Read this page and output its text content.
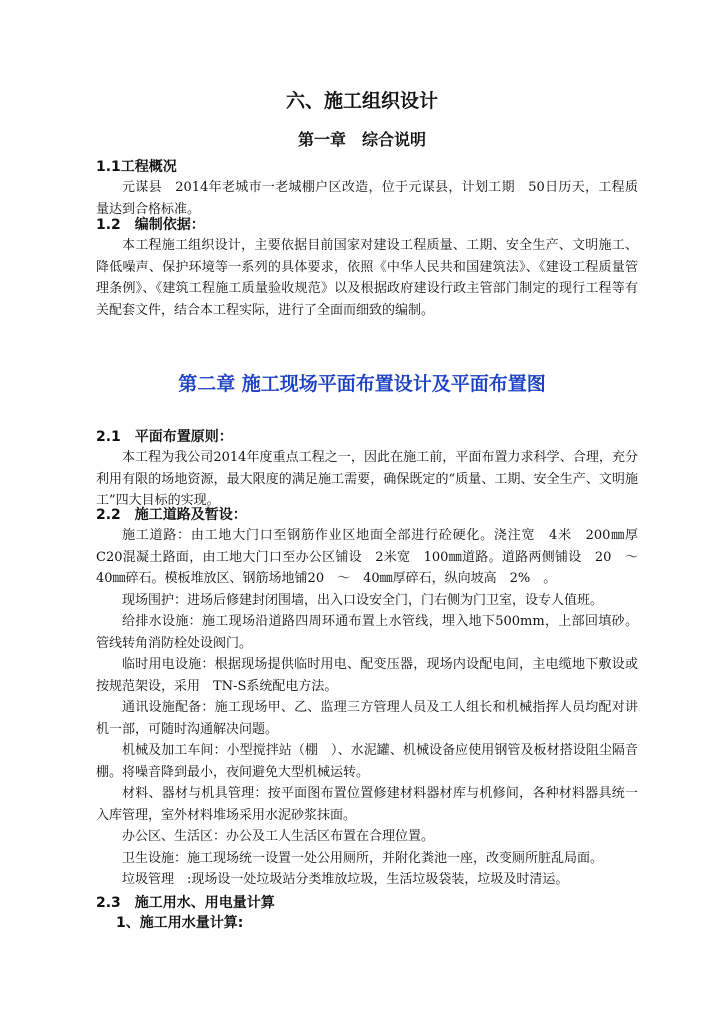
六、施工组织设计
第一章　综合说明

1.1工程概况

元谋县　2014年老城市一老城棚户区改造，位于元谋县，计划工期　50日历天，工程质量达到合格标准。

1.2　编制依据：

本工程施工组织设计，主要依据目前国家对建设工程质量、工期、安全生产、文明施工、降低噪声、保护环境等一系列的具体要求，依照《中华人民共和国建筑法》、《建设工程质量管理条例》、《建筑工程施工质量验收规范》以及根据政府建设行政主管部门制定的现行工程等有关配套文件，结合本工程实际，进行了全面而细致的编制。

第二章 施工现场平面布置设计及平面布置图

2.1　平面布置原则：

本工程为我公司2014年度重点工程之一，因此在施工前，平面布置力求科学、合理，充分利用有限的场地资源，最大限度的满足施工需要，确保既定的“质量、工期、安全生产、文明施工”四大目标的实现。

2.2　施工道路及暂设：

施工道路：由工地大门口至钢筋作业区地面全部进行砼硬化。浇注宽　4米　200㎜厚　C20混凝土路面，由工地大门口至办公区铺设　2米宽　100㎜道路。道路两侧铺设　20　～　40㎜碎石。模板堆放区、钢筋场地铺20　～　40㎜厚碎石，纵向坡高　2%　。

现场围护：进场后修建封闭围墙，出入口设安全门，门右侧为门卫室，设专人值班。

给排水设施：施工现场沿道路四周环通布置上水管线，埋入地下500mm，上部回填砂。管线转角消防栓处设阀门。

临时用电设施：根据现场提供临时用电、配变压器，现场内设配电间，主电缆地下敷设或按规范架设，采用　TN-S系统配电方法。

通讯设施配备：施工现场甲、乙、监理三方管理人员及工人组长和机械指挥人员均配对讲机一部，可随时沟通解决问题。

机械及加工车间：小型搅拌站（棚　）、水泥罐、机械设备应使用钢管及板材搭设阻尘隔音棚。将噪音降到最小，夜间避免大型机械运转。

材料、器材与机具管理：按平面图布置位置修建材料器材库与机修间，各种材料器具统一入库管理，室外材料堆场采用水泥砂浆抹面。

办公区、生活区：办公及工人生活区布置在合理位置。

卫生设施：施工现场统一设置一处公用厕所，并附化粪池一座，改变厕所脏乱局面。

垃圾管理　:现场设一处垃圾站分类堆放垃圾，生活垃圾袋装，垃圾及时清运。

2.3　施工用水、用电量计算

1、施工用水量计算:
